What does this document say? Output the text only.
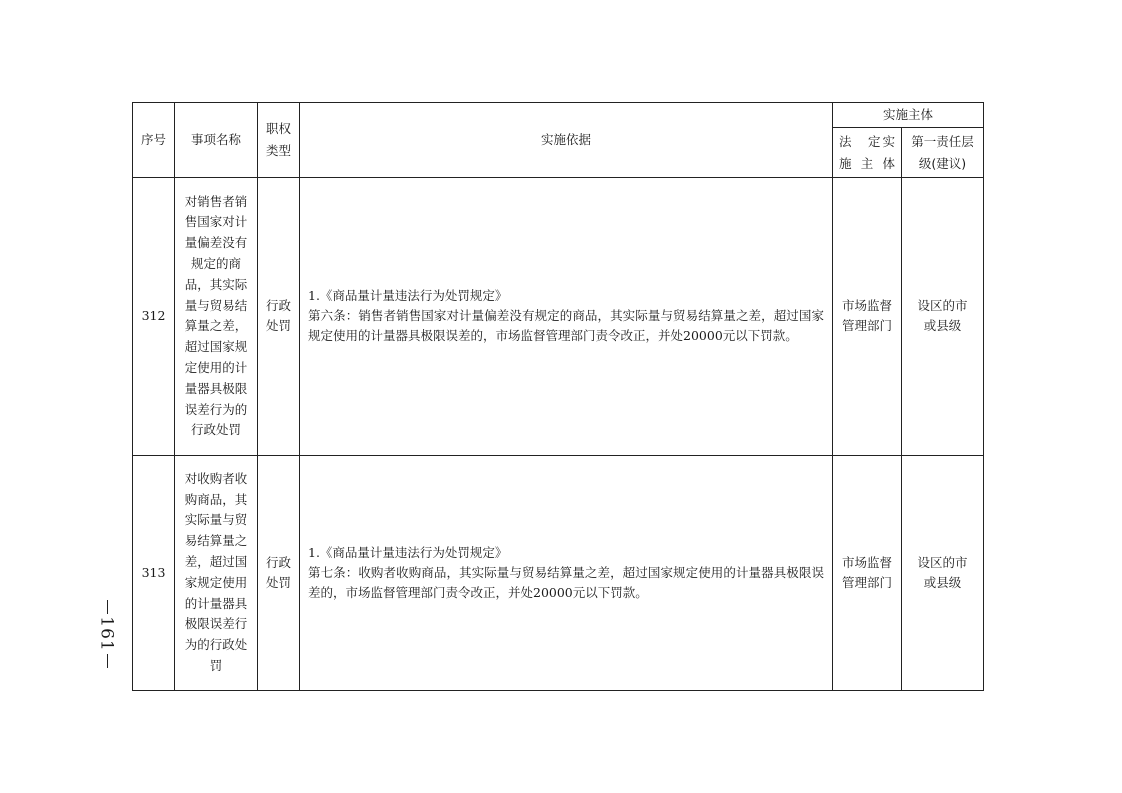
序号	事项名称	职权类型	实施依据	实施主体	

				法　定实施主体	第一责任层级(建议)

312	对销售者销售国家对计量偏差没有规定的商品，其实际量与贸易结算量之差，超过国家规定使用的计量器具极限误差行为的行政处罚	行政处罚	1.《商品量计量违法行为处罚规定》
第六条：销售者销售国家对计量偏差没有规定的商品，其实际量与贸易结算量之差，超过国家规定使用的计量器具极限误差的，市场监督管理部门责令改正，并处20000元以下罚款。	市场监督管理部门	设区的市或县级

313	对收购者收购商品，其实际量与贸易结算量之差，超过国家规定使用的计量器具极限误差行为的行政处罚	行政处罚	1.《商品量计量违法行为处罚规定》
第七条：收购者收购商品，其实际量与贸易结算量之差，超过国家规定使用的计量器具极限误差的，市场监督管理部门责令改正，并处20000元以下罚款。	市场监督管理部门	设区的市或县级
161
